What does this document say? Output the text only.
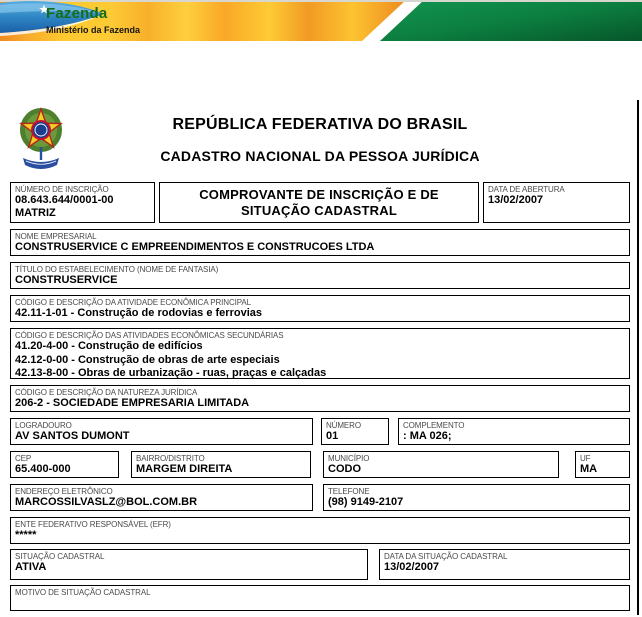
Fazenda
Ministério da Fazenda
REPÚBLICA FEDERATIVA DO BRASIL
CADASTRO NACIONAL DA PESSOA JURÍDICA
NÚMERO DE INSCRIÇÃO
08.643.644/0001-00
MATRIZ
COMPROVANTE DE INSCRIÇÃO E DE
SITUAÇÃO CADASTRAL
DATA DE ABERTURA
13/02/2007
NOME EMPRESARIAL
CONSTRUSERVICE C EMPREENDIMENTOS E CONSTRUCOES LTDA
TÍTULO DO ESTABELECIMENTO (NOME DE FANTASIA)
CONSTRUSERVICE
CÓDIGO E DESCRIÇÃO DA ATIVIDADE ECONÔMICA PRINCIPAL
42.11-1-01 - Construção de rodovias e ferrovias
CÓDIGO E DESCRIÇÃO DAS ATIVIDADES ECONÔMICAS SECUNDÁRIAS
41.20-4-00 - Construção de edifícios
42.12-0-00 - Construção de obras de arte especiais
42.13-8-00 - Obras de urbanização - ruas, praças e calçadas
CÓDIGO E DESCRIÇÃO DA NATUREZA JURÍDICA
206-2 - SOCIEDADE EMPRESARIA LIMITADA
LOGRADOURO
AV SANTOS DUMONT
NÚMERO
01
COMPLEMENTO
: MA 026;
CEP
65.400-000
BAIRRO/DISTRITO
MARGEM DIREITA
MUNICÍPIO
CODO
UF
MA
ENDEREÇO ELETRÔNICO
MARCOSSILVASLZ@BOL.COM.BR
TELEFONE
(98) 9149-2107
ENTE FEDERATIVO RESPONSÁVEL (EFR)
*****
SITUAÇÃO CADASTRAL
ATIVA
DATA DA SITUAÇÃO CADASTRAL
13/02/2007
MOTIVO DE SITUAÇÃO CADASTRAL
